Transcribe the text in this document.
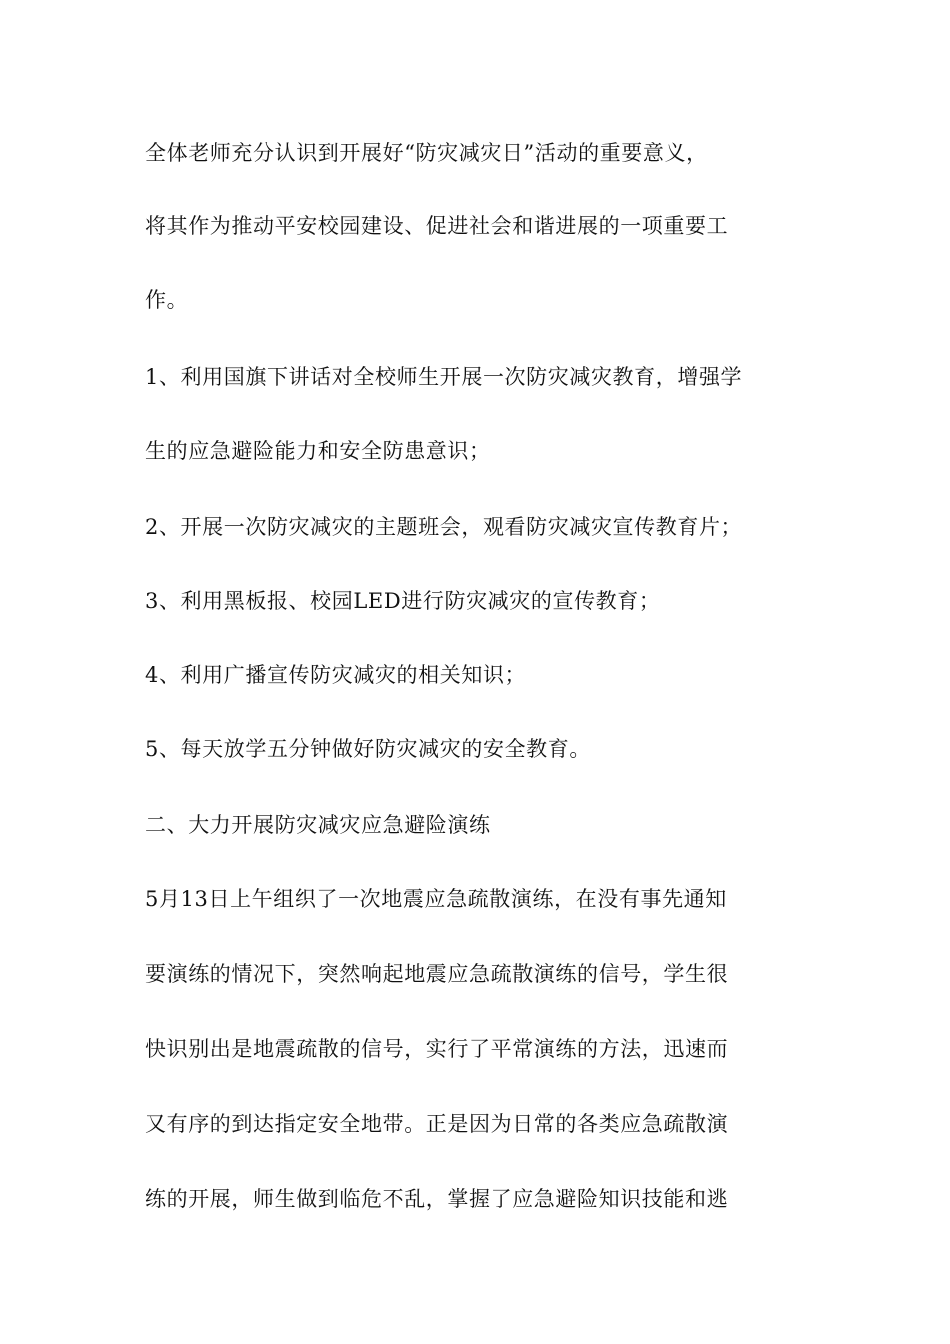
全体老师充分认识到开展好“防灾减灾日”活动的重要意义，
将其作为推动平安校园建设、促进社会和谐进展的一项重要工
作。
1、利用国旗下讲话对全校师生开展一次防灾减灾教育，增强学
生的应急避险能力和安全防患意识；
2、开展一次防灾减灾的主题班会，观看防灾减灾宣传教育片；
3、利用黑板报、校园LED进行防灾减灾的宣传教育；
4、利用广播宣传防灾减灾的相关知识；
5、每天放学五分钟做好防灾减灾的安全教育。
二、大力开展防灾减灾应急避险演练
5月13日上午组织了一次地震应急疏散演练，在没有事先通知
要演练的情况下，突然响起地震应急疏散演练的信号，学生很
快识别出是地震疏散的信号，实行了平常演练的方法，迅速而
又有序的到达指定安全地带。正是因为日常的各类应急疏散演
练的开展，师生做到临危不乱，掌握了应急避险知识技能和逃
